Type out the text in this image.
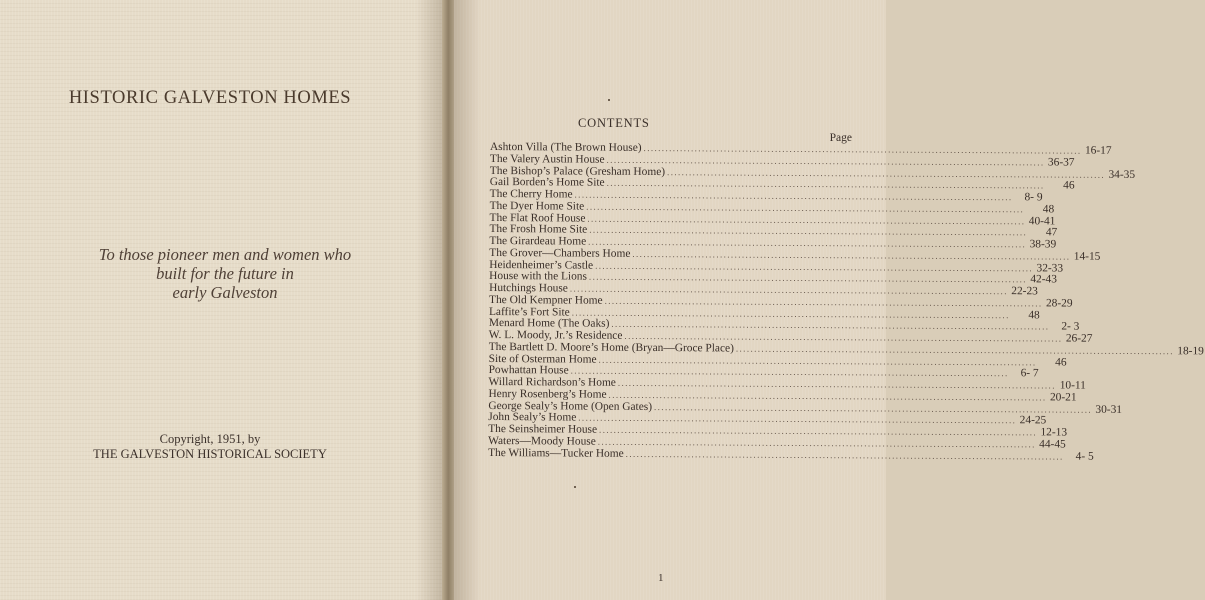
HISTORIC GALVESTON HOMES
To those pioneer men and women who
built for the future in
early Galveston
Copyright, 1951, by
THE GALVESTON HISTORICAL SOCIETY
CONTENTS
Page
Ashton Villa (The Brown House) ........................................................................................................................ 16-17
The Valery Austin House ........................................................................................................................ 36-37
The Bishop’s Palace (Gresham Home) ........................................................................................................................ 34-35
Gail Borden’s Home Site ........................................................................................................................	46
The Cherry Home ........................................................................................................................	8- 9
The Dyer Home Site ........................................................................................................................	48
The Flat Roof House ........................................................................................................................ 40-41
The Frosh Home Site ........................................................................................................................	47
The Girardeau Home ........................................................................................................................ 38-39
The Grover—Chambers Home ........................................................................................................................ 14-15
Heidenheimer’s Castle ........................................................................................................................ 32-33
House with the Lions ........................................................................................................................ 42-43
Hutchings House ........................................................................................................................ 22-23
The Old Kempner Home ........................................................................................................................ 28-29
Laffite’s Fort Site ........................................................................................................................	48
Menard Home (The Oaks) ........................................................................................................................	2- 3
W. L. Moody, Jr.’s Residence ........................................................................................................................ 26-27
The Bartlett D. Moore’s Home (Bryan—Groce Place) ........................................................................................................................ 18-19
Site of Osterman Home ........................................................................................................................	46
Powhattan House ........................................................................................................................	6- 7
Willard Richardson’s Home ........................................................................................................................ 10-11
Henry Rosenberg’s Home ........................................................................................................................ 20-21
George Sealy’s Home (Open Gates) ........................................................................................................................ 30-31
John Sealy’s Home ........................................................................................................................ 24-25
The Seinsheimer House ........................................................................................................................ 12-13
Waters—Moody House ........................................................................................................................ 44-45
The Williams—Tucker Home ........................................................................................................................	4- 5
1
